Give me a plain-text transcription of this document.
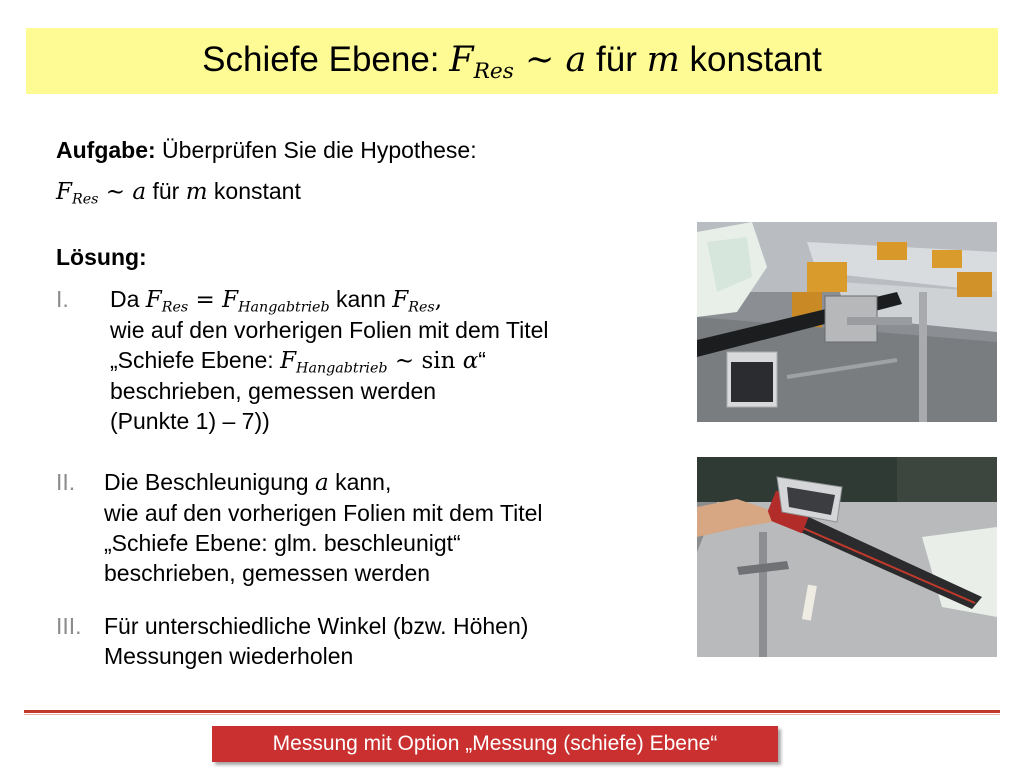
Schiefe Ebene: $F_{Res}$ ∼ a für m konstant
Aufgabe: Überprüfen Sie die Hypothese:
$F_{Res}$ ∼ a für m konstant
Lösung:
I. Da $F_{Res} = F_{Hangabtrieb}$ kann $F_{Res}$,
wie auf den vorherigen Folien mit dem Titel
„Schiefe Ebene: $F_{Hangabtrieb}$ ∼ sin α“
beschrieben, gemessen werden
(Punkte 1) – 7))
II. Die Beschleunigung a kann,
wie auf den vorherigen Folien mit dem Titel
„Schiefe Ebene: glm. beschleunigt“
beschrieben, gemessen werden
III. Für unterschiedliche Winkel (bzw. Höhen)
Messungen wiederholen
Messung mit Option „Messung (schiefe) Ebene“
